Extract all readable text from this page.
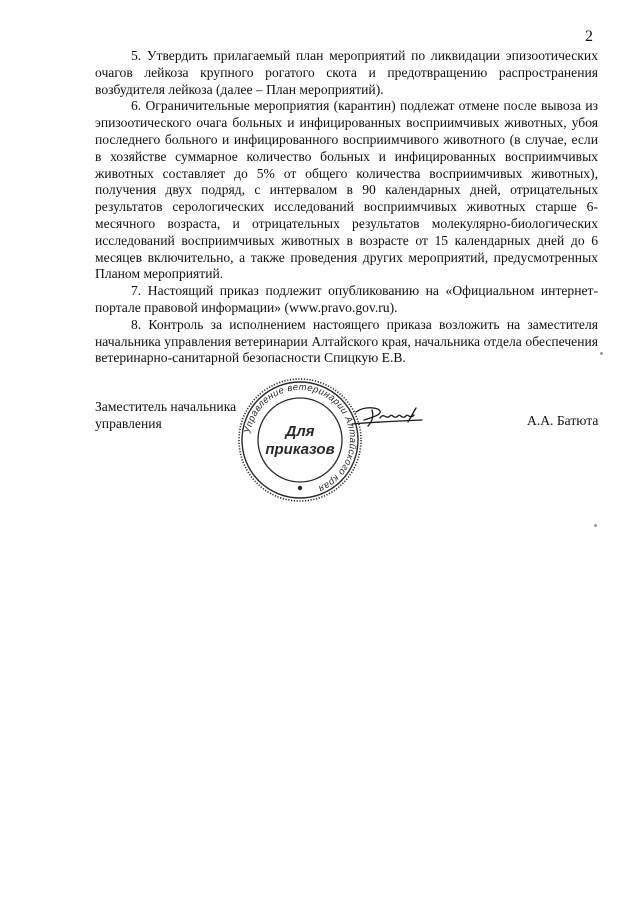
2

5. Утвердить прилагаемый план мероприятий по ликвидации эпизоотических очагов лейкоза крупного рогатого скота и предотвращению распространения возбудителя лейкоза (далее – План мероприятий).

6. Ограничительные мероприятия (карантин) подлежат отмене после вывоза из эпизоотического очага больных и инфицированных восприимчивых животных, убоя последнего больного и инфицированного восприимчивого животного (в случае, если в хозяйстве суммарное количество больных и инфицированных восприимчивых животных составляет до 5% от общего количества восприимчивых животных), получения двух подряд, с интервалом в 90 календарных дней, отрицательных результатов серологических исследований восприимчивых животных старше 6-месячного возраста, и отрицательных результатов молекулярно-биологических исследований восприимчивых животных в возрасте от 15 календарных дней до 6 месяцев включительно, а также проведения других мероприятий, предусмотренных Планом мероприятий.

7. Настоящий приказ подлежит опубликованию на «Официальном интернет-портале правовой информации» (www.pravo.gov.ru).

8. Контроль за исполнением настоящего приказа возложить на заместителя начальника управления ветеринарии Алтайского края, начальника отдела обеспечения ветеринарно-санитарной безопасности Спицкую Е.В.

Заместитель начальника
управления	Управление ветеринарии Алтайского края
Для
приказов
А.А. Батюта
